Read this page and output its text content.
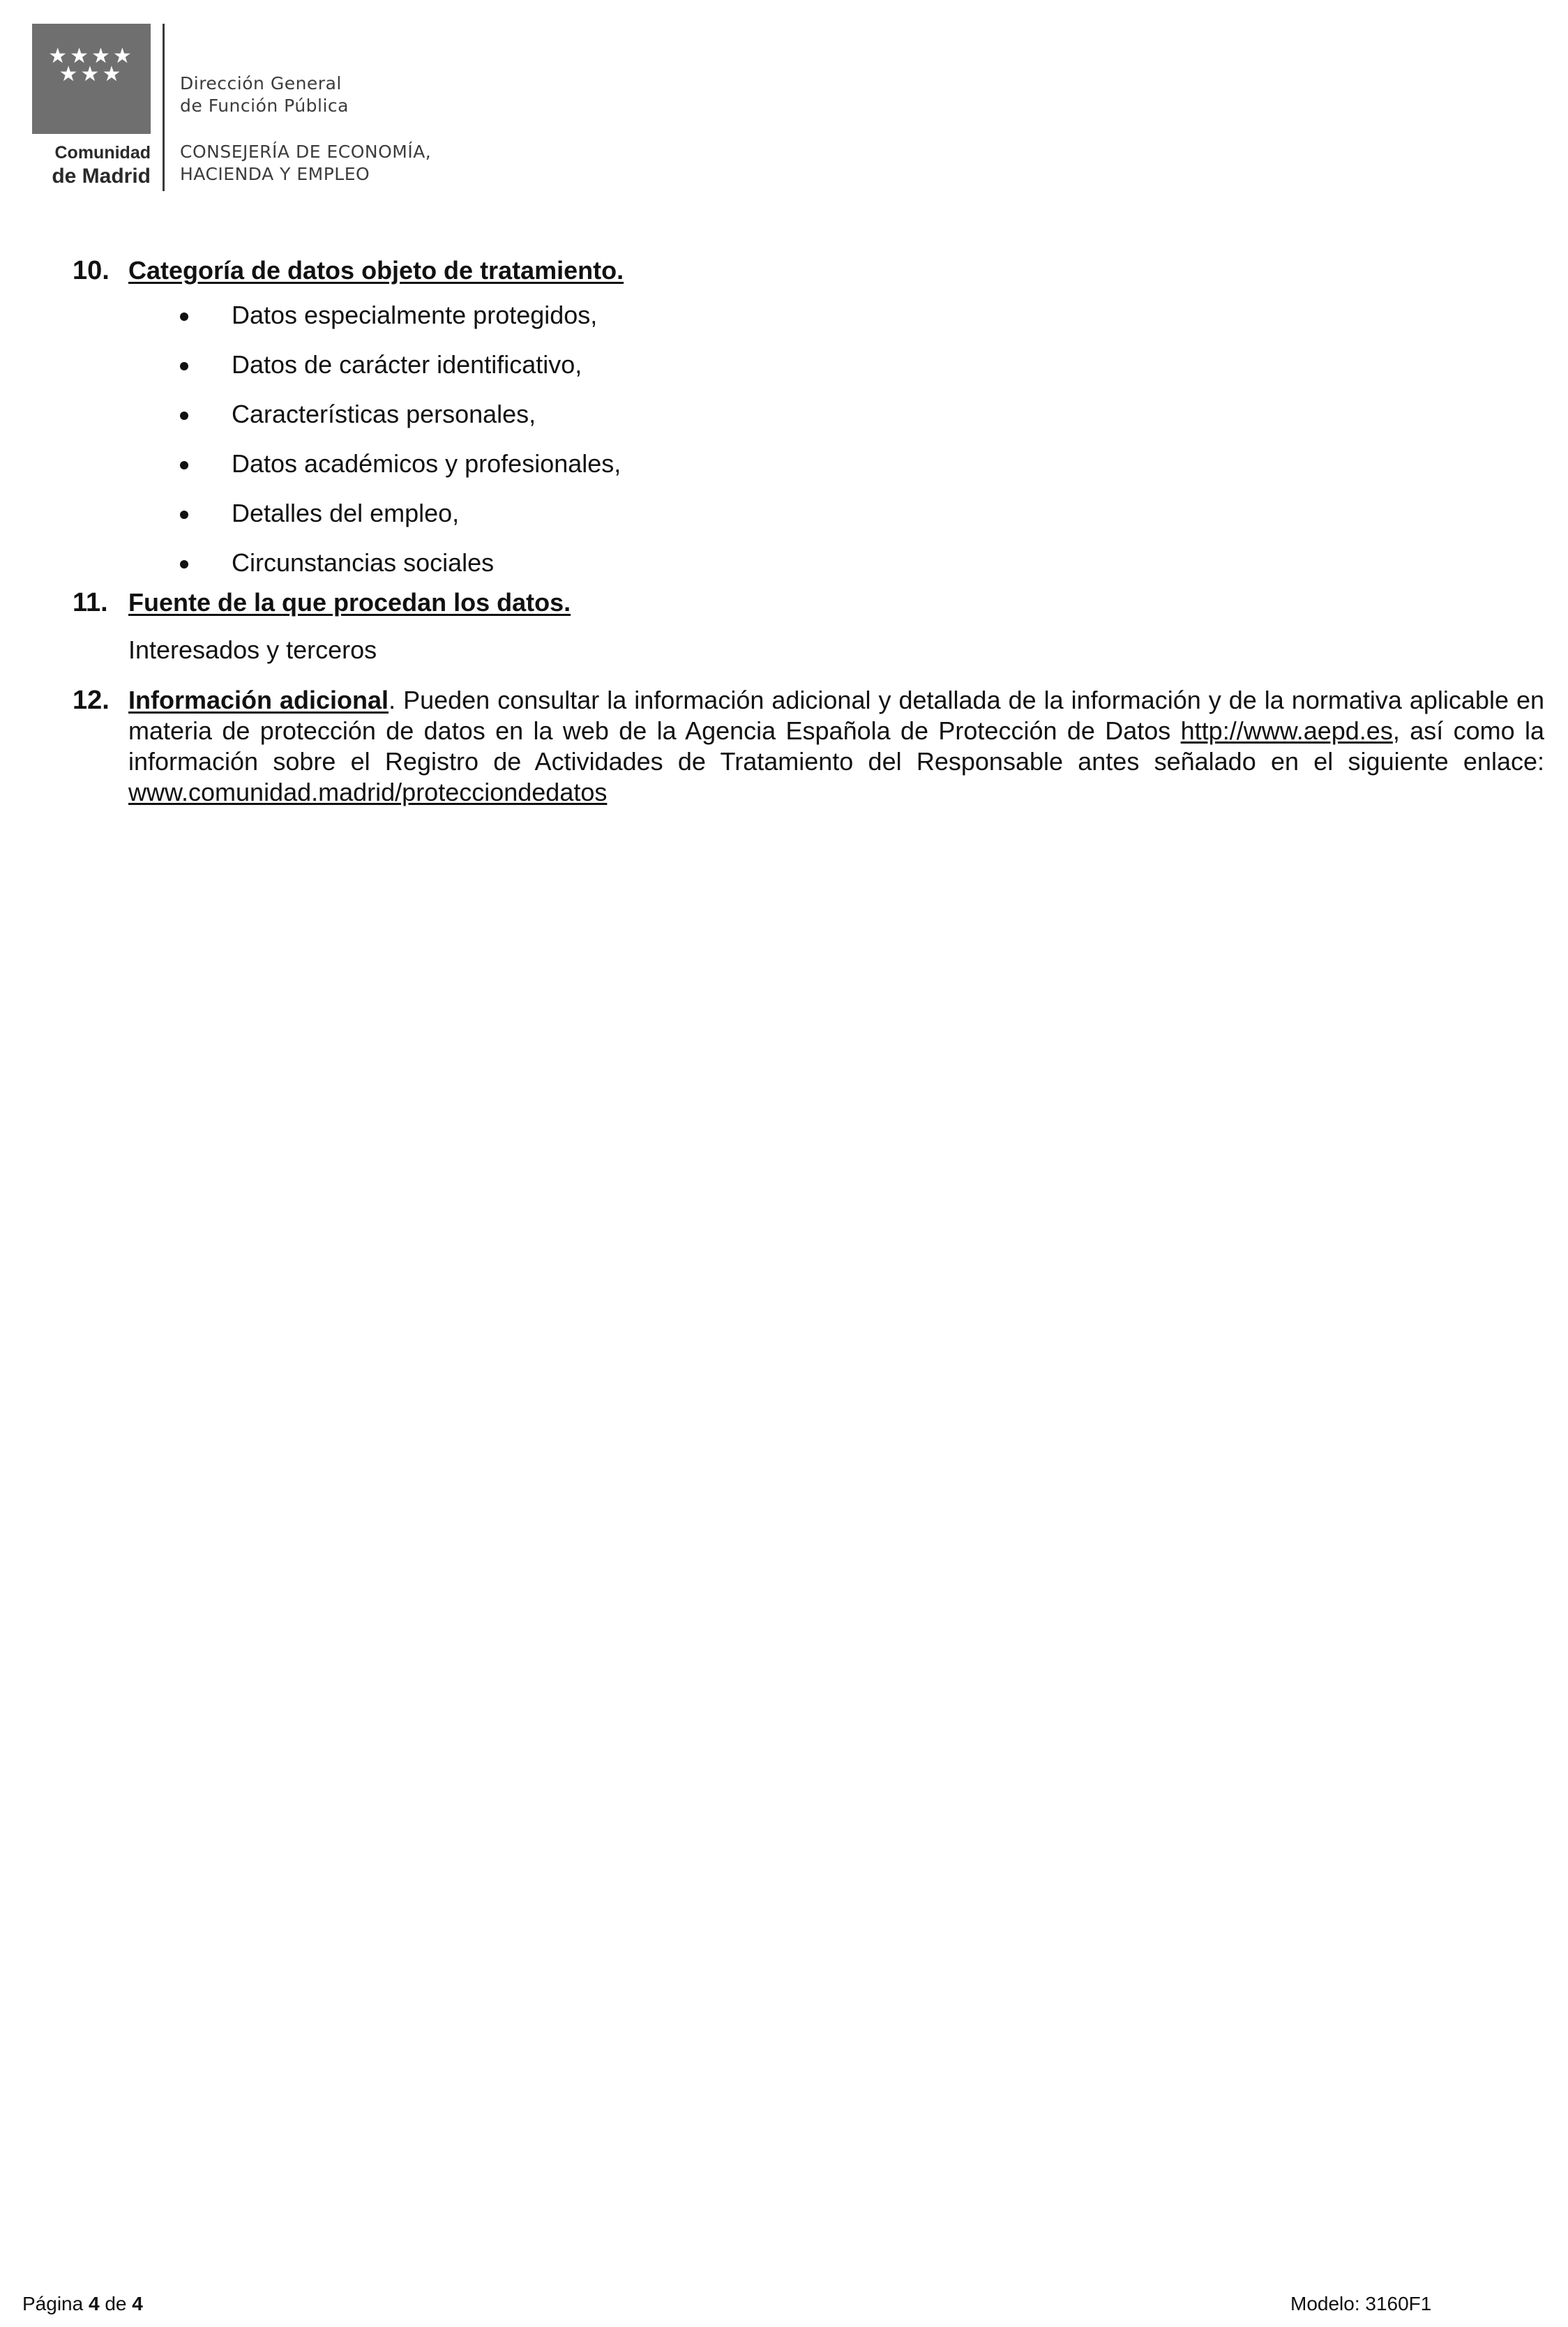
★★★★
★★★
Comunidad
de Madrid
Dirección General
de Función Pública
CONSEJERÍA DE ECONOMÍA,
HACIENDA Y EMPLEO
10. Categoría de datos objeto de tratamiento.
Datos especialmente protegidos,
Datos de carácter identificativo,
Características personales,
Datos académicos y profesionales,
Detalles del empleo,
Circunstancias sociales
11. Fuente de la que procedan los datos.
Interesados y terceros
12. Información adicional. Pueden consultar la información adicional y detallada de la información y de la normativa aplicable en materia de protección de datos en la web de la Agencia Española de Protección de Datos http://www.aepd.es, así como la información sobre el Registro de Actividades de Tratamiento del Responsable antes señalado en el siguiente enlace: www.comunidad.madrid/protecciondedatos
Página 4 de 4	Modelo: 3160F1
